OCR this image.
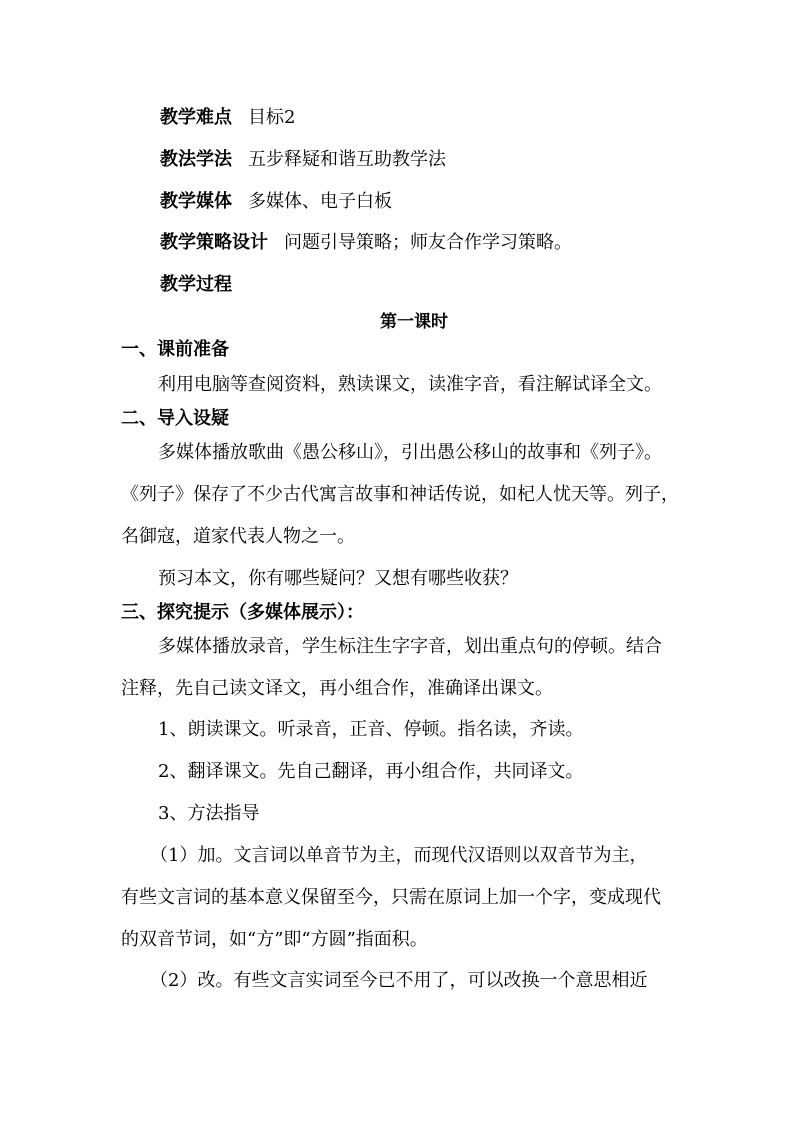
教学难点 目标2
教法学法 五步释疑和谐互助教学法
教学媒体 多媒体、电子白板
教学策略设计 问题引导策略；师友合作学习策略。
教学过程
第一课时
一、课前准备
利用电脑等查阅资料，熟读课文，读准字音，看注解试译全文。
二、导入设疑
多媒体播放歌曲《愚公移山》，引出愚公移山的故事和《列子》。
《列子》保存了不少古代寓言故事和神话传说，如杞人忧天等。列子，
名御寇，道家代表人物之一。
预习本文，你有哪些疑问？又想有哪些收获？
三、探究提示（多媒体展示）：
多媒体播放录音，学生标注生字字音，划出重点句的停顿。结合
注释，先自己读文译文，再小组合作，准确译出课文。
1、朗读课文。听录音，正音、停顿。指名读，齐读。
2、翻译课文。先自己翻译，再小组合作，共同译文。
3、方法指导
（1）加。文言词以单音节为主，而现代汉语则以双音节为主，
有些文言词的基本意义保留至今，只需在原词上加一个字，变成现代
的双音节词，如“方”即“方圆”指面积。
（2）改。有些文言实词至今已不用了，可以改换一个意思相近
